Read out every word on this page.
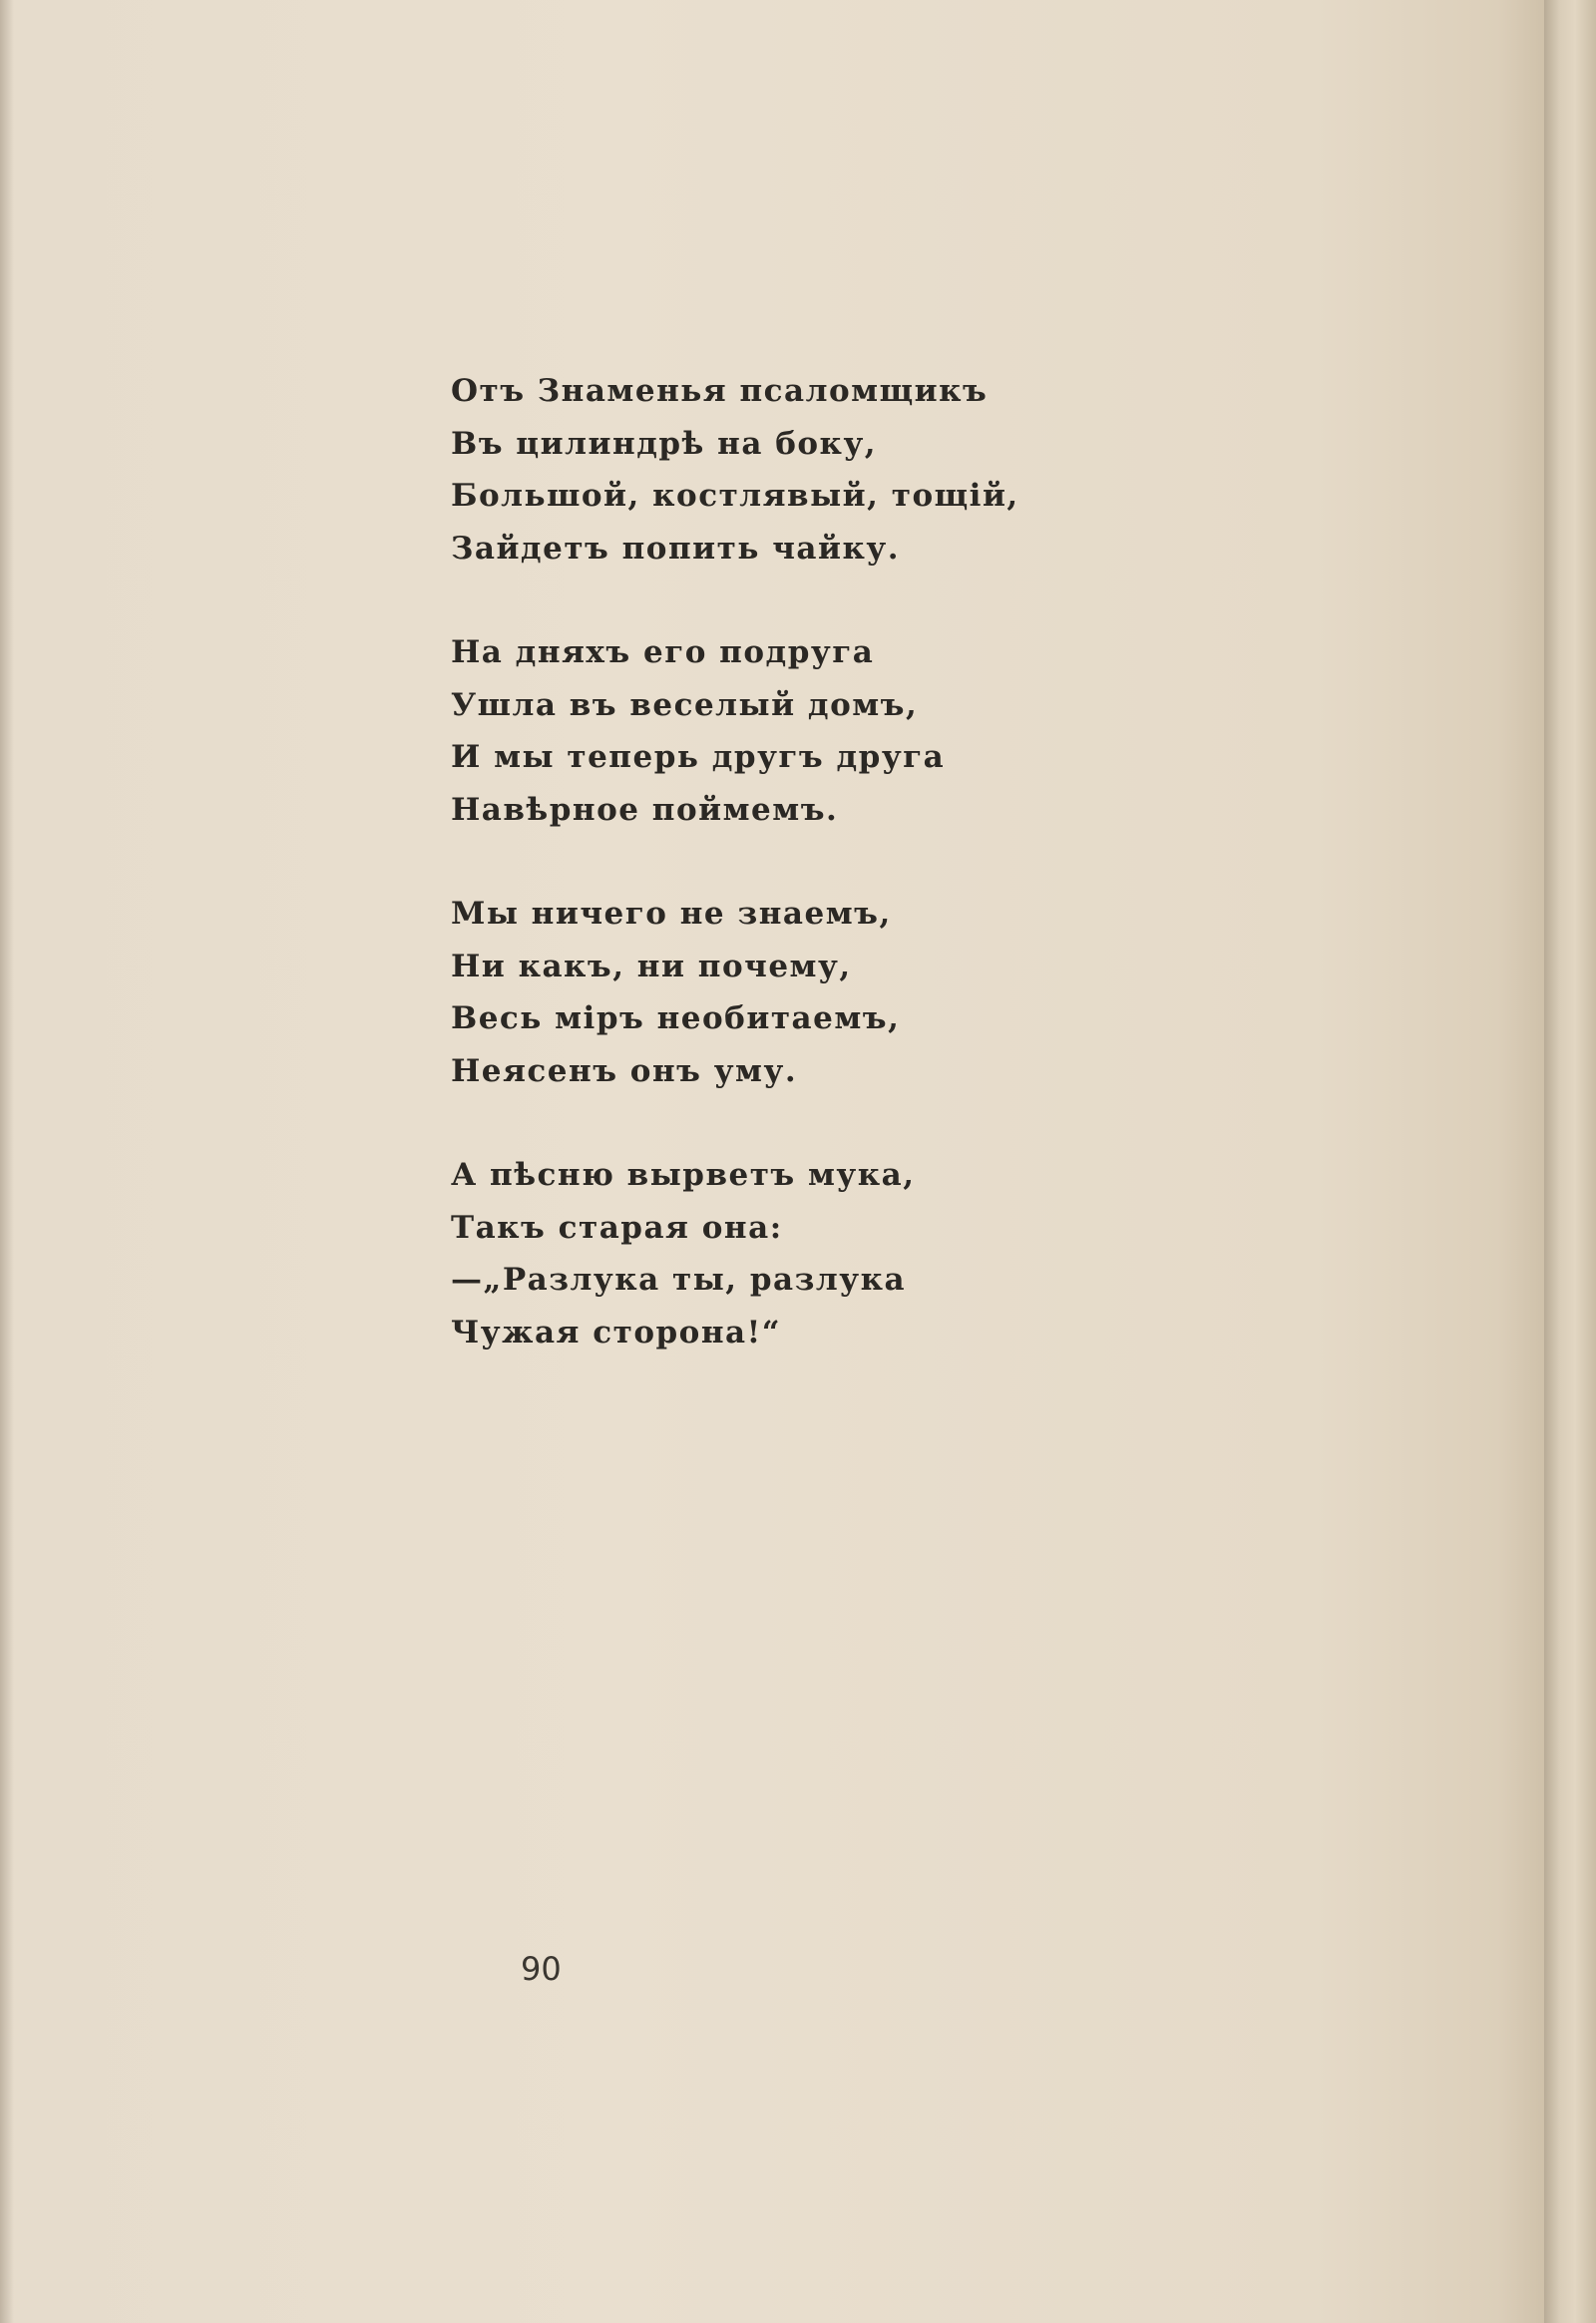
Отъ Знаменья псаломщикъ
Въ цилиндрѣ на боку,
Большой, костлявый, тощій,
Зайдетъ попить чайку.
На дняхъ его подруга
Ушла въ веселый домъ,
И мы теперь другъ друга
Навѣрное поймемъ.
Мы ничего не знаемъ,
Ни какъ, ни почему,
Весь міръ необитаемъ,
Неясенъ онъ уму.
А пѣсню вырветъ мука,
Такъ старая она:
—„Разлука ты, разлука
Чужая сторона!“
90
